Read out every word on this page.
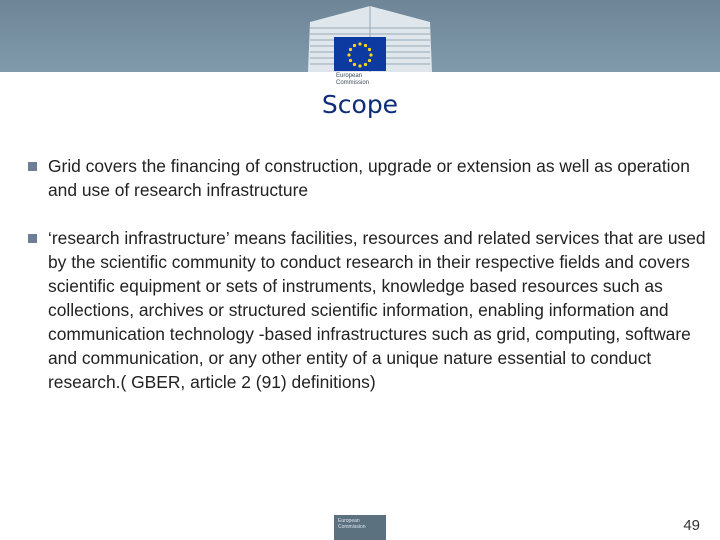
European
Commission
Scope
Grid covers the financing of construction, upgrade or extension as well as operation and use of research infrastructure
‘research infrastructure’ means facilities, resources and related services that are used by the scientific community to conduct research in their respective fields and covers scientific equipment or sets of instruments, knowledge based resources such as collections, archives or structured scientific information, enabling information and communication technology -based infrastructures such as grid, computing, software and communication, or any other entity of a unique nature essential to conduct research.( GBER, article 2 (91) definitions)
European Commission	49
